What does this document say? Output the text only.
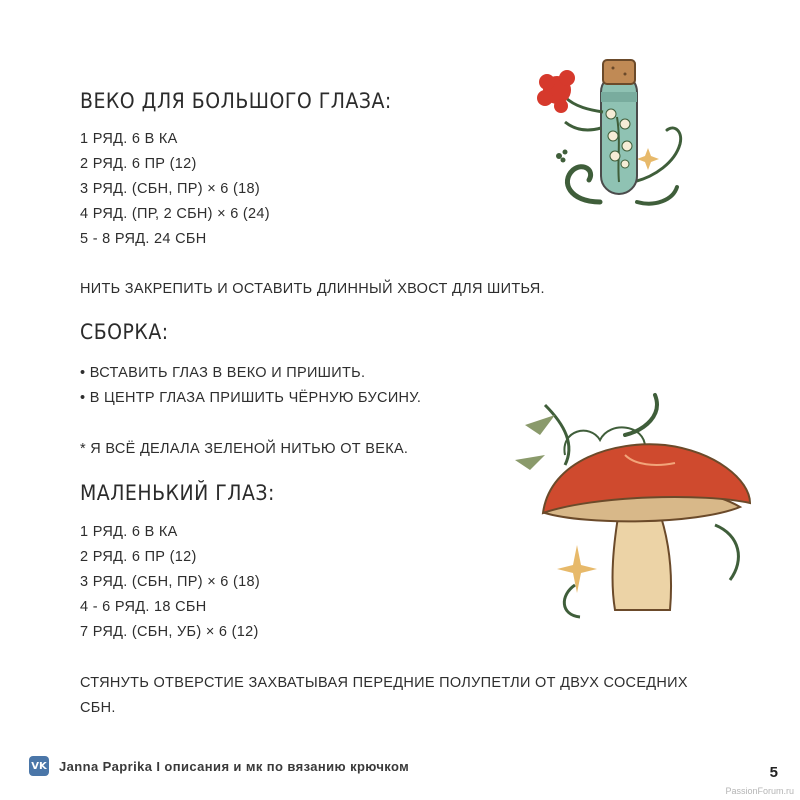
ВЕКО ДЛЯ БОЛЬШОГО ГЛАЗА:
1 РЯД. 6 В КА
2 РЯД. 6 ПР (12)
3 РЯД. (СБН, ПР) × 6 (18)
4 РЯД. (ПР, 2 СБН) × 6 (24)
5 - 8 РЯД. 24 СБН

НИТЬ ЗАКРЕПИТЬ И ОСТАВИТЬ ДЛИННЫЙ ХВОСТ ДЛЯ ШИТЬЯ.

СБОРКА:
• ВСТАВИТЬ ГЛАЗ В ВЕКО И ПРИШИТЬ.
• В ЦЕНТР ГЛАЗА ПРИШИТЬ ЧЁРНУЮ БУСИНУ.

* Я ВСЁ ДЕЛАЛА ЗЕЛЕНОЙ НИТЬЮ ОТ ВЕКА.

МАЛЕНЬКИЙ ГЛАЗ:
1 РЯД. 6 В КА
2 РЯД. 6 ПР (12)
3 РЯД. (СБН, ПР) × 6 (18)
4 - 6 РЯД. 18 СБН
7 РЯД. (СБН, УБ) × 6 (12)

СТЯНУТЬ ОТВЕРСТИЕ ЗАХВАТЫВАЯ ПЕРЕДНИЕ ПОЛУПЕТЛИ ОТ ДВУХ СОСЕДНИХ СБН.

VK Janna Paprika I описания и мк по вязанию крючком	5
PassionForum.ru
